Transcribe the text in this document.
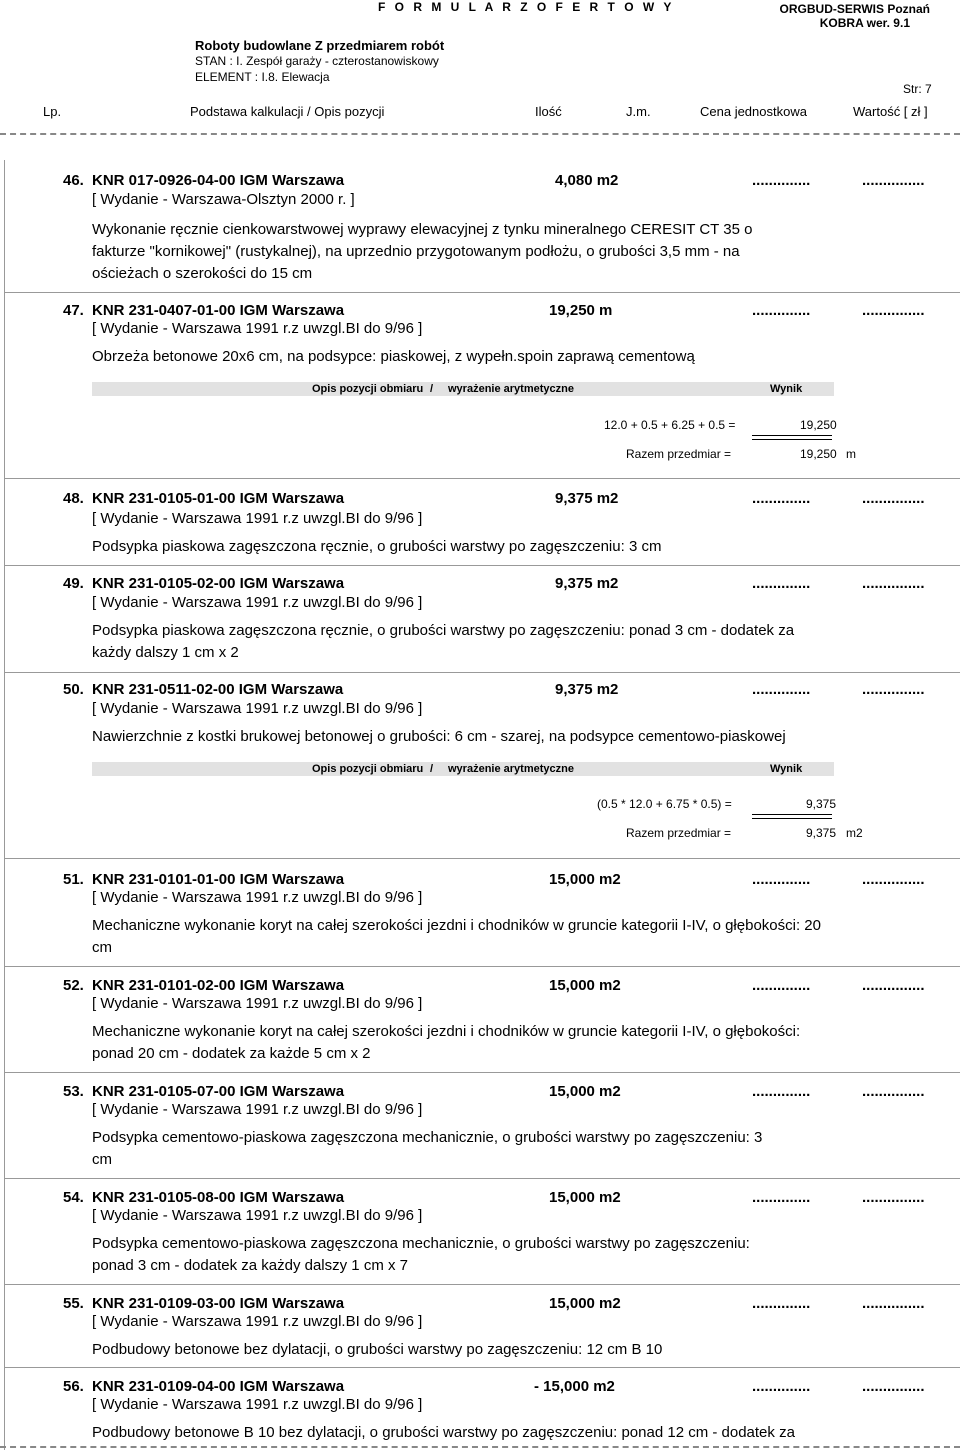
F O R M U L A R Z O F E R T O W Y	ORGBUD-SERWIS Poznań
KOBRA wer. 9.1
Roboty budowlane Z przedmiarem robót
STAN : I. Zespół garaży - czterostanowiskowy
ELEMENT : I.8. Elewacja
Str: 7
Lp.	Podstawa kalkulacji / Opis pozycji	Ilość	J.m.	Cena jednostkowa	Wartość [ zł ]
46. KNR 017-0926-04-00 IGM Warszawa	4,080 m2	..............	...............
[ Wydanie - Warszawa-Olsztyn 2000 r. ]
Wykonanie ręcznie cienkowarstwowej wyprawy elewacyjnej z tynku mineralnego CERESIT CT 35 o
fakturze "kornikowej" (rustykalnej), na uprzednio przygotowanym podłożu, o grubości 3,5 mm - na
ościeżach o szerokości do 15 cm
47. KNR 231-0407-01-00 IGM Warszawa	19,250 m	..............	...............
[ Wydanie - Warszawa 1991 r.z uwzgl.BI do 9/96 ]
Obrzeża betonowe 20x6 cm, na podsypce: piaskowej, z wypełn.spoin zaprawą cementową
Opis pozycji obmiaru / wyrażenie arytmetyczne	Wynik
12.0 + 0.5 + 6.25 + 0.5 =	19,250
Razem przedmiar =	19,250 m
48. KNR 231-0105-01-00 IGM Warszawa	9,375 m2	..............	...............
[ Wydanie - Warszawa 1991 r.z uwzgl.BI do 9/96 ]
Podsypka piaskowa zagęszczona ręcznie, o grubości warstwy po zagęszczeniu: 3 cm
49. KNR 231-0105-02-00 IGM Warszawa	9,375 m2	..............	...............
[ Wydanie - Warszawa 1991 r.z uwzgl.BI do 9/96 ]
Podsypka piaskowa zagęszczona ręcznie, o grubości warstwy po zagęszczeniu: ponad 3 cm - dodatek za
każdy dalszy 1 cm x 2
50. KNR 231-0511-02-00 IGM Warszawa	9,375 m2	..............	...............
[ Wydanie - Warszawa 1991 r.z uwzgl.BI do 9/96 ]
Nawierzchnie z kostki brukowej betonowej o grubości: 6 cm - szarej, na podsypce cementowo-piaskowej
Opis pozycji obmiaru / wyrażenie arytmetyczne	Wynik
(0.5 * 12.0 + 6.75 * 0.5) =	9,375
Razem przedmiar =	9,375 m2
51. KNR 231-0101-01-00 IGM Warszawa	15,000 m2	..............	...............
[ Wydanie - Warszawa 1991 r.z uwzgl.BI do 9/96 ]
Mechaniczne wykonanie koryt na całej szerokości jezdni i chodników w gruncie kategorii I-IV, o głębokości: 20
cm
52. KNR 231-0101-02-00 IGM Warszawa	15,000 m2	..............	...............
[ Wydanie - Warszawa 1991 r.z uwzgl.BI do 9/96 ]
Mechaniczne wykonanie koryt na całej szerokości jezdni i chodników w gruncie kategorii I-IV, o głębokości:
ponad 20 cm - dodatek za każde 5 cm x 2
53. KNR 231-0105-07-00 IGM Warszawa	15,000 m2	..............	...............
[ Wydanie - Warszawa 1991 r.z uwzgl.BI do 9/96 ]
Podsypka cementowo-piaskowa zagęszczona mechanicznie, o grubości warstwy po zagęszczeniu: 3
cm
54. KNR 231-0105-08-00 IGM Warszawa	15,000 m2	..............	...............
[ Wydanie - Warszawa 1991 r.z uwzgl.BI do 9/96 ]
Podsypka cementowo-piaskowa zagęszczona mechanicznie, o grubości warstwy po zagęszczeniu:
ponad 3 cm - dodatek za każdy dalszy 1 cm x 7
55. KNR 231-0109-03-00 IGM Warszawa	15,000 m2	..............	...............
[ Wydanie - Warszawa 1991 r.z uwzgl.BI do 9/96 ]
Podbudowy betonowe bez dylatacji, o grubości warstwy po zagęszczeniu: 12 cm B 10
56. KNR 231-0109-04-00 IGM Warszawa	- 15,000 m2	..............	...............
[ Wydanie - Warszawa 1991 r.z uwzgl.BI do 9/96 ]
Podbudowy betonowe B 10 bez dylatacji, o grubości warstwy po zagęszczeniu: ponad 12 cm - dodatek za
